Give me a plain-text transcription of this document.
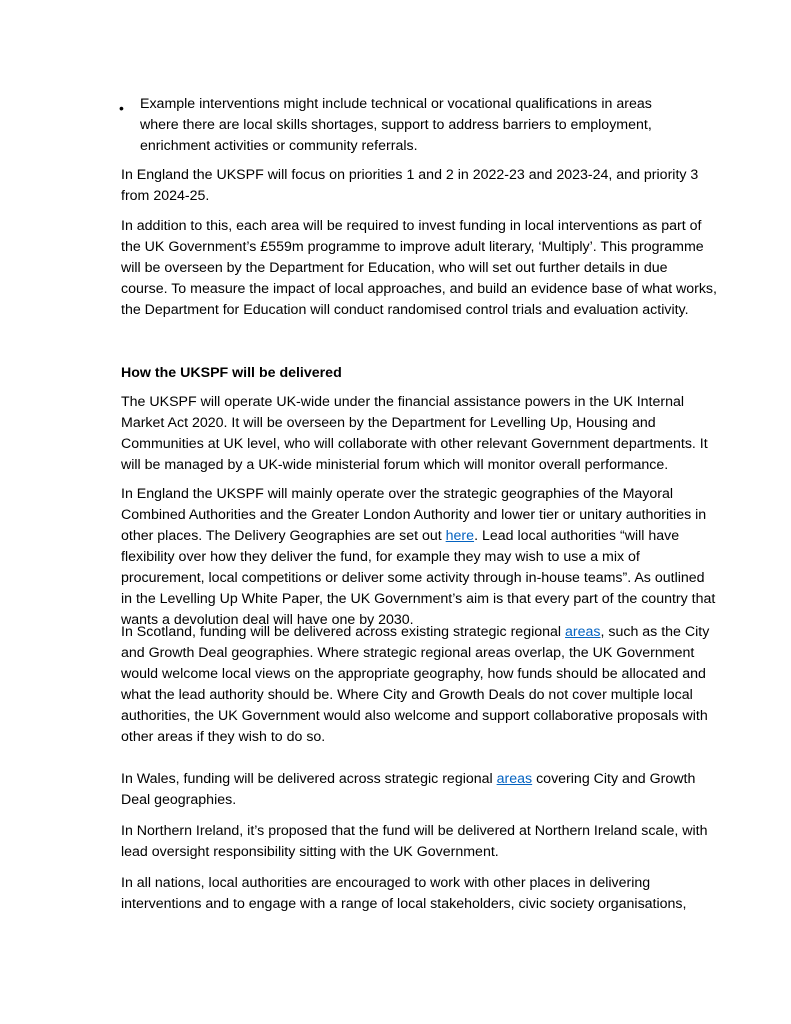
• Example interventions might include technical or vocational qualifications in areas
where there are local skills shortages, support to address barriers to employment,
enrichment activities or community referrals.
In England the UKSPF will focus on priorities 1 and 2 in 2022-23 and 2023-24, and priority 3
from 2024-25.
In addition to this, each area will be required to invest funding in local interventions as part of
the UK Government’s £559m programme to improve adult literary, ‘Multiply’. This programme
will be overseen by the Department for Education, who will set out further details in due
course. To measure the impact of local approaches, and build an evidence base of what works,
the Department for Education will conduct randomised control trials and evaluation activity.
How the UKSPF will be delivered
The UKSPF will operate UK-wide under the financial assistance powers in the UK Internal
Market Act 2020. It will be overseen by the Department for Levelling Up, Housing and
Communities at UK level, who will collaborate with other relevant Government departments. It
will be managed by a UK-wide ministerial forum which will monitor overall performance.
In England the UKSPF will mainly operate over the strategic geographies of the Mayoral
Combined Authorities and the Greater London Authority and lower tier or unitary authorities in
other places. The Delivery Geographies are set out here. Lead local authorities “will have
flexibility over how they deliver the fund, for example they may wish to use a mix of
procurement, local competitions or deliver some activity through in-house teams”. As outlined
in the Levelling Up White Paper, the UK Government’s aim is that every part of the country that
wants a devolution deal will have one by 2030.
In Scotland, funding will be delivered across existing strategic regional areas, such as the City
and Growth Deal geographies. Where strategic regional areas overlap, the UK Government
would welcome local views on the appropriate geography, how funds should be allocated and
what the lead authority should be. Where City and Growth Deals do not cover multiple local
authorities, the UK Government would also welcome and support collaborative proposals with
other areas if they wish to do so.
In Wales, funding will be delivered across strategic regional areas covering City and Growth
Deal geographies.
In Northern Ireland, it’s proposed that the fund will be delivered at Northern Ireland scale, with
lead oversight responsibility sitting with the UK Government.
In all nations, local authorities are encouraged to work with other places in delivering
interventions and to engage with a range of local stakeholders, civic society organisations,
